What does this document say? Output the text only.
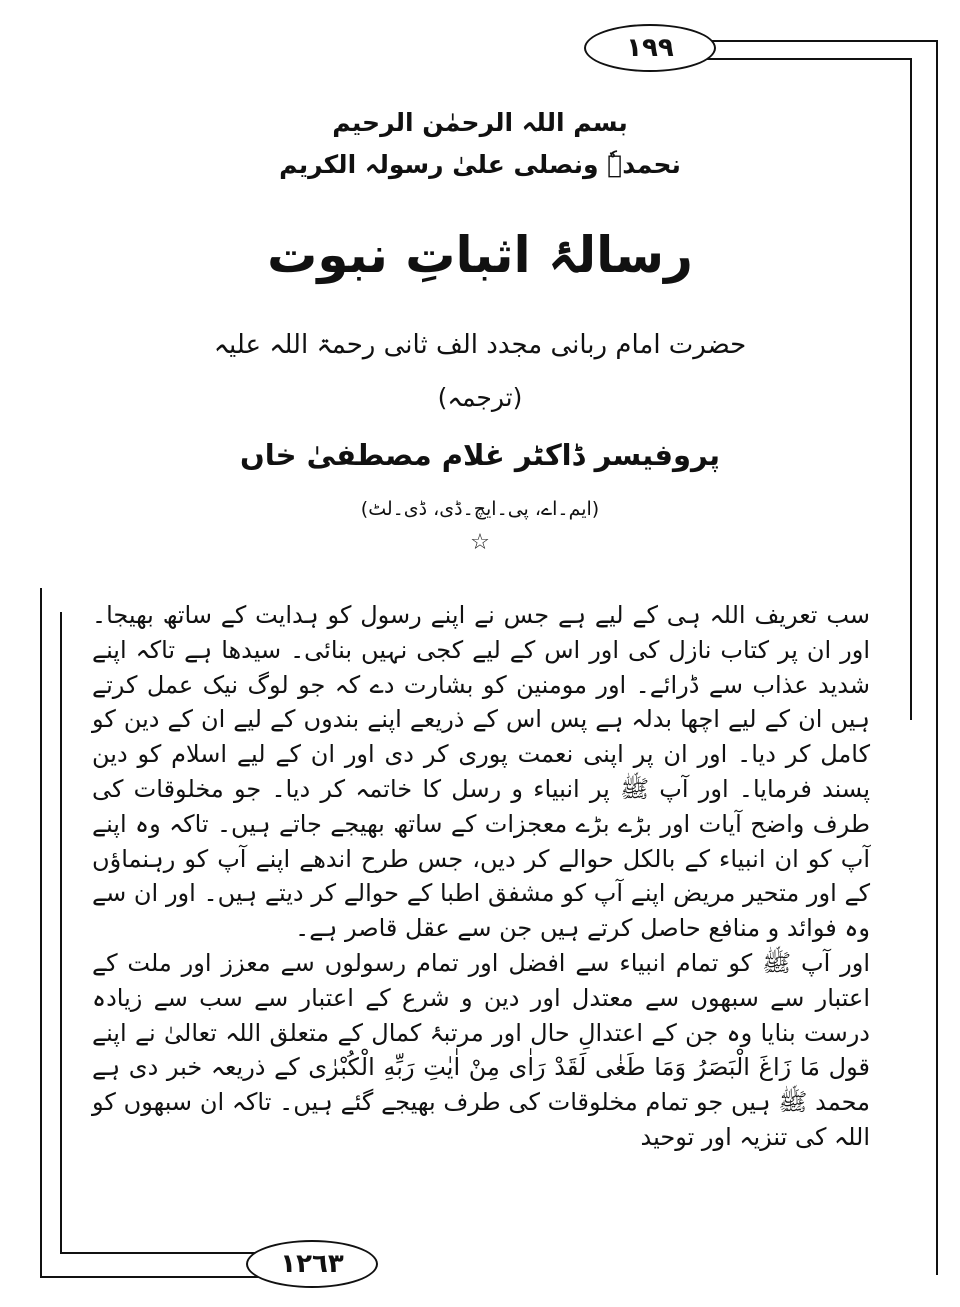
١٩٩
١٢٦٣
بسم اللہ الرحمٰن الرحیم
نحمدہٗ ونصلی علیٰ رسولہ الکریم
رسالۂ اثباتِ نبوت
حضرت امام ربانی مجدد الف ثانی رحمۃ اللہ علیہ
(ترجمہ)
پروفیسر ڈاکٹر غلام مصطفیٰ خاں
(ایم۔اے، پی۔ایچ۔ڈی، ڈی۔لٹ)
☆

سب تعریف اللہ ہی کے لیے ہے جس نے اپنے رسول کو ہدایت کے ساتھ بھیجا۔ اور ان پر کتاب نازل کی اور اس کے لیے کجی نہیں بنائی۔ سیدھا ہے تاکہ اپنے شدید عذاب سے ڈرائے۔ اور مومنین کو بشارت دے کہ جو لوگ نیک عمل کرتے ہیں ان کے لیے اچھا بدلہ ہے پس اس کے ذریعے اپنے بندوں کے لیے ان کے دین کو کامل کر دیا۔ اور ان پر اپنی نعمت پوری کر دی اور ان کے لیے اسلام کو دین پسند فرمایا۔ اور آپ ﷺ پر انبیاء و رسل کا خاتمہ کر دیا۔ جو مخلوقات کی طرف واضح آیات اور بڑے بڑے معجزات کے ساتھ بھیجے جاتے ہیں۔ تاکہ وہ اپنے آپ کو ان انبیاء کے بالکل حوالے کر دیں، جس طرح اندھے اپنے آپ کو رہنماؤں کے اور متحیر مریض اپنے آپ کو مشفق اطبا کے حوالے کر دیتے ہیں۔ اور ان سے وہ فوائد و منافع حاصل کرتے ہیں جن سے عقل قاصر ہے۔

اور آپ ﷺ کو تمام انبیاء سے افضل اور تمام رسولوں سے معزز اور ملت کے اعتبار سے سبھوں سے معتدل اور دین و شرع کے اعتبار سے سب سے زیادہ درست بنایا وہ جن کے اعتدالِ حال اور مرتبۂ کمال کے متعلق اللہ تعالیٰ نے اپنے قول مَا زَاغَ الْبَصَرُ وَمَا طَغٰی لَقَدْ رَاٰی مِنْ اٰیٰتِ رَبِّهِ الْكُبْرٰی کے ذریعہ خبر دی ہے محمد ﷺ ہیں جو تمام مخلوقات کی طرف بھیجے گئے ہیں۔ تاکہ ان سبھوں کو اللہ کی تنزیہ اور توحید
